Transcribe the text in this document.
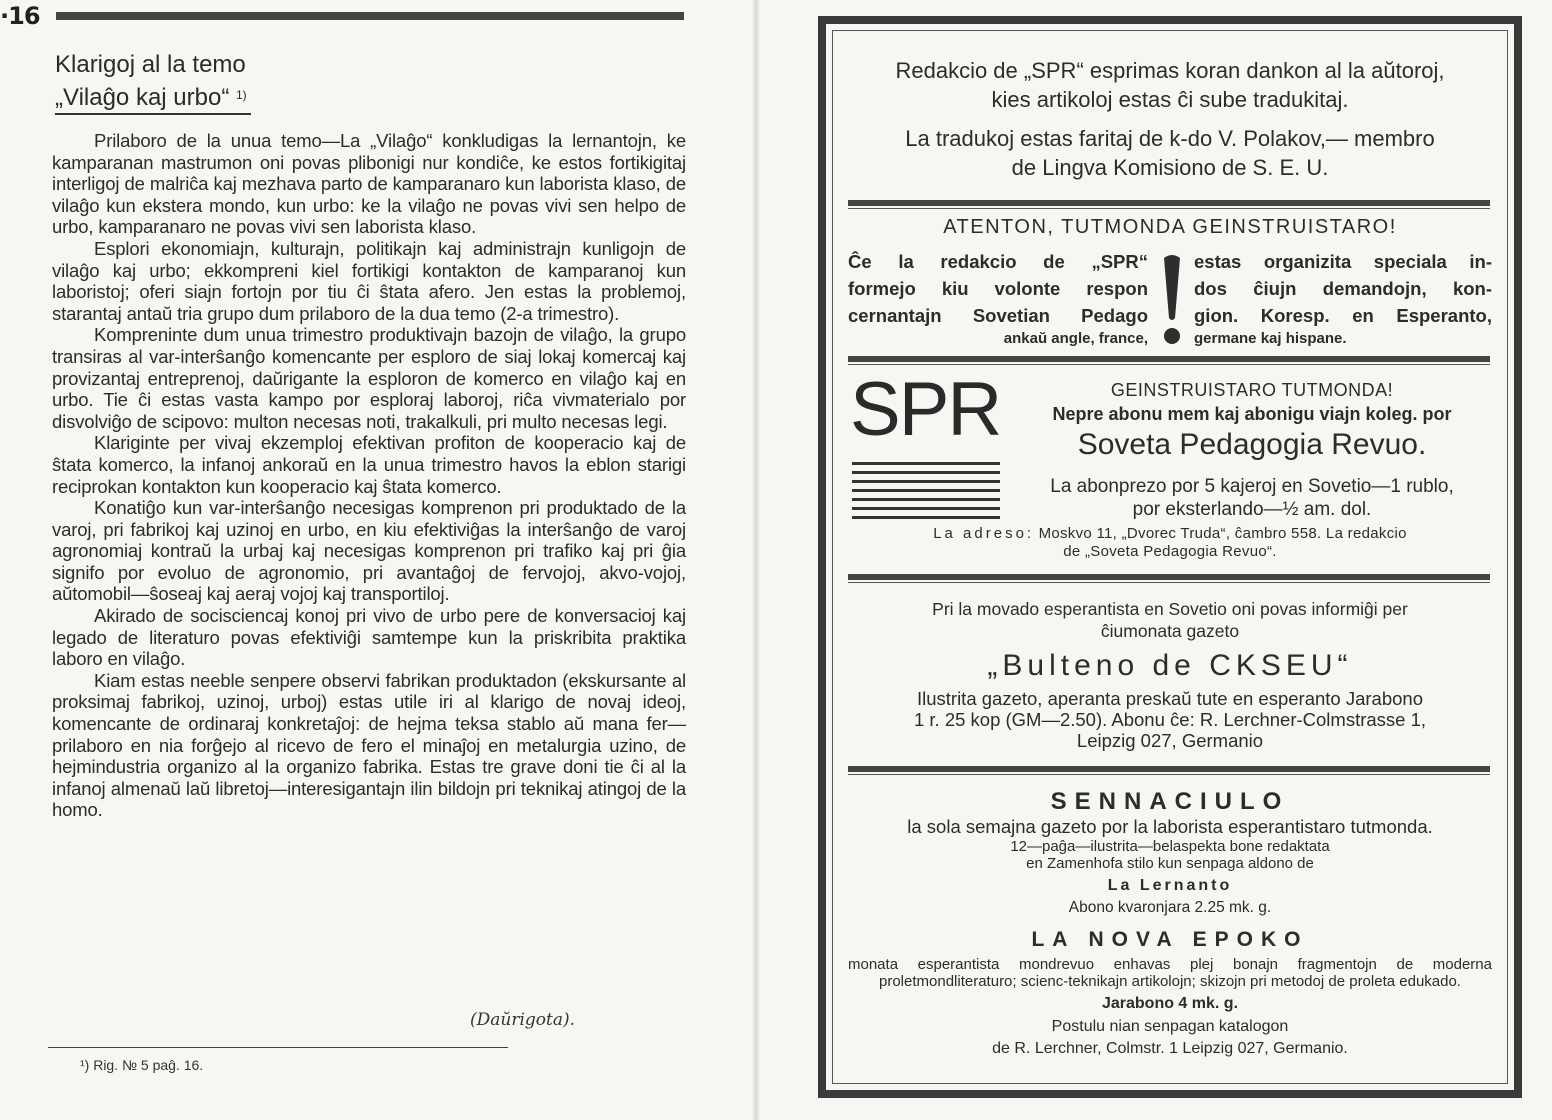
·16
Klarigoj al la temo
„Vilaĝo kaj urbo“ $^{1)}$

Prilaboro de la unua temo—La „Vilaĝo“ konkludigas la lernantojn, ke kamparanan mastrumon oni povas plibonigi nur kondiĉe, ke estos fortikigitaj interligoj de malriĉa kaj mezhava parto de kamparanaro kun laborista klaso, de vilaĝo kun ekstera mondo, kun urbo: ke la vilaĝo ne povas vivi sen helpo de urbo, kamparanaro ne povas vivi sen laborista klaso.

Esplori ekonomiajn, kulturajn, politikajn kaj administrajn kunligojn de vilaĝo kaj urbo; ekkompreni kiel fortikigi kontakton de kamparanoj kun laboristoj; oferi siajn fortojn por tiu ĉi ŝtata afero. Jen estas la problemoj, starantaj antaŭ tria grupo dum prilaboro de la dua temo (2-a trimestro).

Kompreninte dum unua trimestro produktivajn bazojn de vilaĝo, la grupo transiras al var-interŝanĝo komencante per esploro de siaj lokaj komercaj kaj provizantaj entreprenoj, daŭrigante la esploron de komerco en vilaĝo kaj en urbo. Tie ĉi estas vasta kampo por esploraj laboroj, riĉa vivmaterialo por disvolviĝo de scipovo: multon necesas noti, trakalkuli, pri multo necesas legi.

Klariginte per vivaj ekzemploj efektivan profiton de kooperacio kaj de ŝtata komerco, la infanoj ankoraŭ en la unua trimestro havos la eblon starigi reciprokan kontakton kun kooperacio kaj ŝtata komerco.

Konatiĝo kun var-interŝanĝo necesigas komprenon pri produktado de la varoj, pri fabrikoj kaj uzinoj en urbo, en kiu efektiviĝas la interŝanĝo de varoj agronomiaj kontraŭ la urbaj kaj necesigas komprenon pri trafiko kaj pri ĝia signifo por evoluo de agronomio, pri avantaĝoj de fervojoj, akvo-vojoj, aŭtomobil—ŝoseaj kaj aeraj vojoj kaj transportiloj.

Akirado de socisciencaj konoj pri vivo de urbo pere de konversacioj kaj legado de literaturo povas efektiviĝi samtempe kun la priskribita praktika laboro en vilaĝo.

Kiam estas neeble senpere observi fabrikan produktadon (ekskursante al proksimaj fabrikoj, uzinoj, urboj) estas utile iri al klarigo de novaj ideoj, komencante de ordinaraj konkretaĵoj: de hejma teksa stablo aŭ mana fer—prilaboro en nia forĝejo al ricevo de fero el minaĵoj en metalurgia uzino, de hejmindustria organizo al la organizo fabrika. Estas tre grave doni tie ĉi al la infanoj almenaŭ laŭ libretoj—interesigantajn ilin bildojn pri teknikaj atingoj de la homo.

(Daŭrigota).
¹) Rig. № 5 paĝ. 16.
Redakcio de „SPR“ esprimas koran dankon al la aŭtoroj,
kies artikoloj estas ĉi sube tradukitaj.
La tradukoj estas faritaj de k-do V. Polakov,— membro
de Lingva Komisiono de S. E. U.
ATENTON, TUTMONDA GEINSTRUISTARO!
Ĉe la redakcio de „SPR“
formejo kiu volonte respon
cernantajn Sovetian Pedago
ankaŭ angle, france,
estas organizita speciala in-
dos ĉiujn demandojn, kon-
gion. Koresp. en Esperanto,
germane kaj hispane.
SPR	GEINSTRUISTARO TUTMONDA!
Nepre abonu mem kaj abonigu viajn koleg. por
Soveta Pedagogia Revuo.
La abonprezo por 5 kajeroj en Sovetio—1 rublo,
por eksterlando—½ am. dol.
La adreso: Moskvo 11, „Dvorec Truda“, ĉambro 558. La redakcio
de „Soveta Pedagogia Revuo“.
Pri la movado esperantista en Sovetio oni povas informiĝi per
ĉiumonata gazeto
„Bulteno de CKSEU“
Ilustrita gazeto, aperanta preskaŭ tute en esperanto Jarabono
1 r. 25 kop (GM—2.50). Abonu ĉe: R. Lerchner-Colmstrasse 1,
Leipzig 027, Germanio
SENNACIULO
la sola semajna gazeto por la laborista esperantistaro tutmonda.
12—paĝa—ilustrita—belaspekta bone redaktata
en Zamenhofa stilo kun senpaga aldono de
La Lernanto
Abono kvaronjara 2.25 mk. g.
LA NOVA EPOKO
monata esperantista mondrevuo enhavas plej bonajn fragmentojn de moderna proletmondliteraturo; scienc-teknikajn artikolojn; skizojn pri metodoj de proleta edukado.
Jarabono 4 mk. g.
Postulu nian senpagan katalogon
de R. Lerchner, Colmstr. 1 Leipzig 027, Germanio.
